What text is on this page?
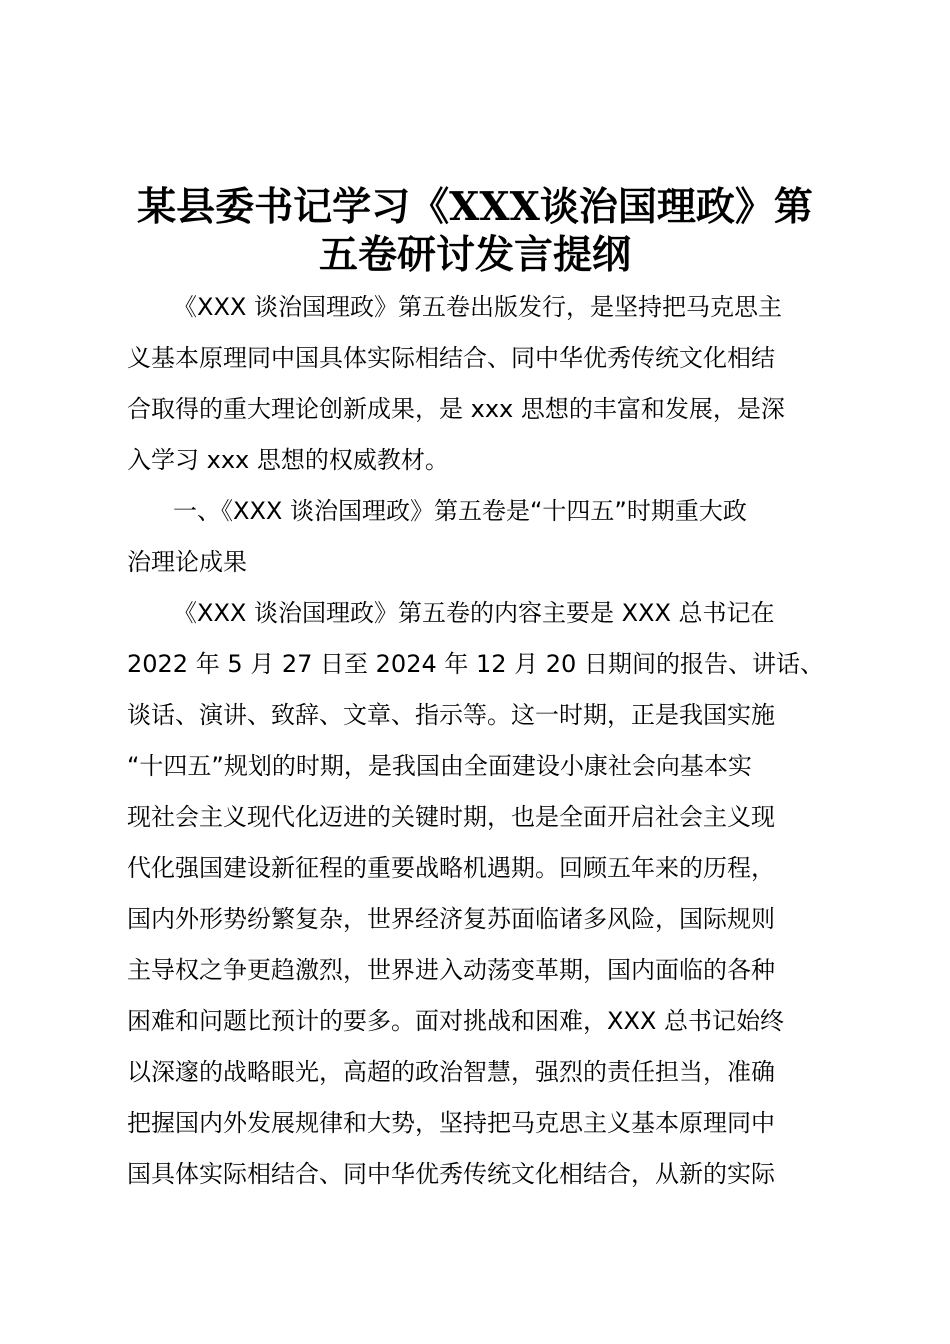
某县委书记学习《XXX谈治国理政》第
五卷研讨发言提纲
《XXX 谈治国理政》第五卷出版发行，是坚持把马克思主
义基本原理同中国具体实际相结合、同中华优秀传统文化相结
合取得的重大理论创新成果，是 xxx 思想的丰富和发展，是深
入学习 xxx 思想的权威教材。
一、《XXX 谈治国理政》第五卷是“十四五”时期重大政
治理论成果
《XXX 谈治国理政》第五卷的内容主要是 XXX 总书记在
2022 年 5 月 27 日至 2024 年 12 月 20 日期间的报告、讲话、
谈话、演讲、致辞、文章、指示等。这一时期，正是我国实施
“十四五”规划的时期，是我国由全面建设小康社会向基本实
现社会主义现代化迈进的关键时期，也是全面开启社会主义现
代化强国建设新征程的重要战略机遇期。回顾五年来的历程，
国内外形势纷繁复杂，世界经济复苏面临诸多风险，国际规则
主导权之争更趋激烈，世界进入动荡变革期，国内面临的各种
困难和问题比预计的要多。面对挑战和困难，XXX 总书记始终
以深邃的战略眼光，高超的政治智慧，强烈的责任担当，准确
把握国内外发展规律和大势，坚持把马克思主义基本原理同中
国具体实际相结合、同中华优秀传统文化相结合，从新的实际
